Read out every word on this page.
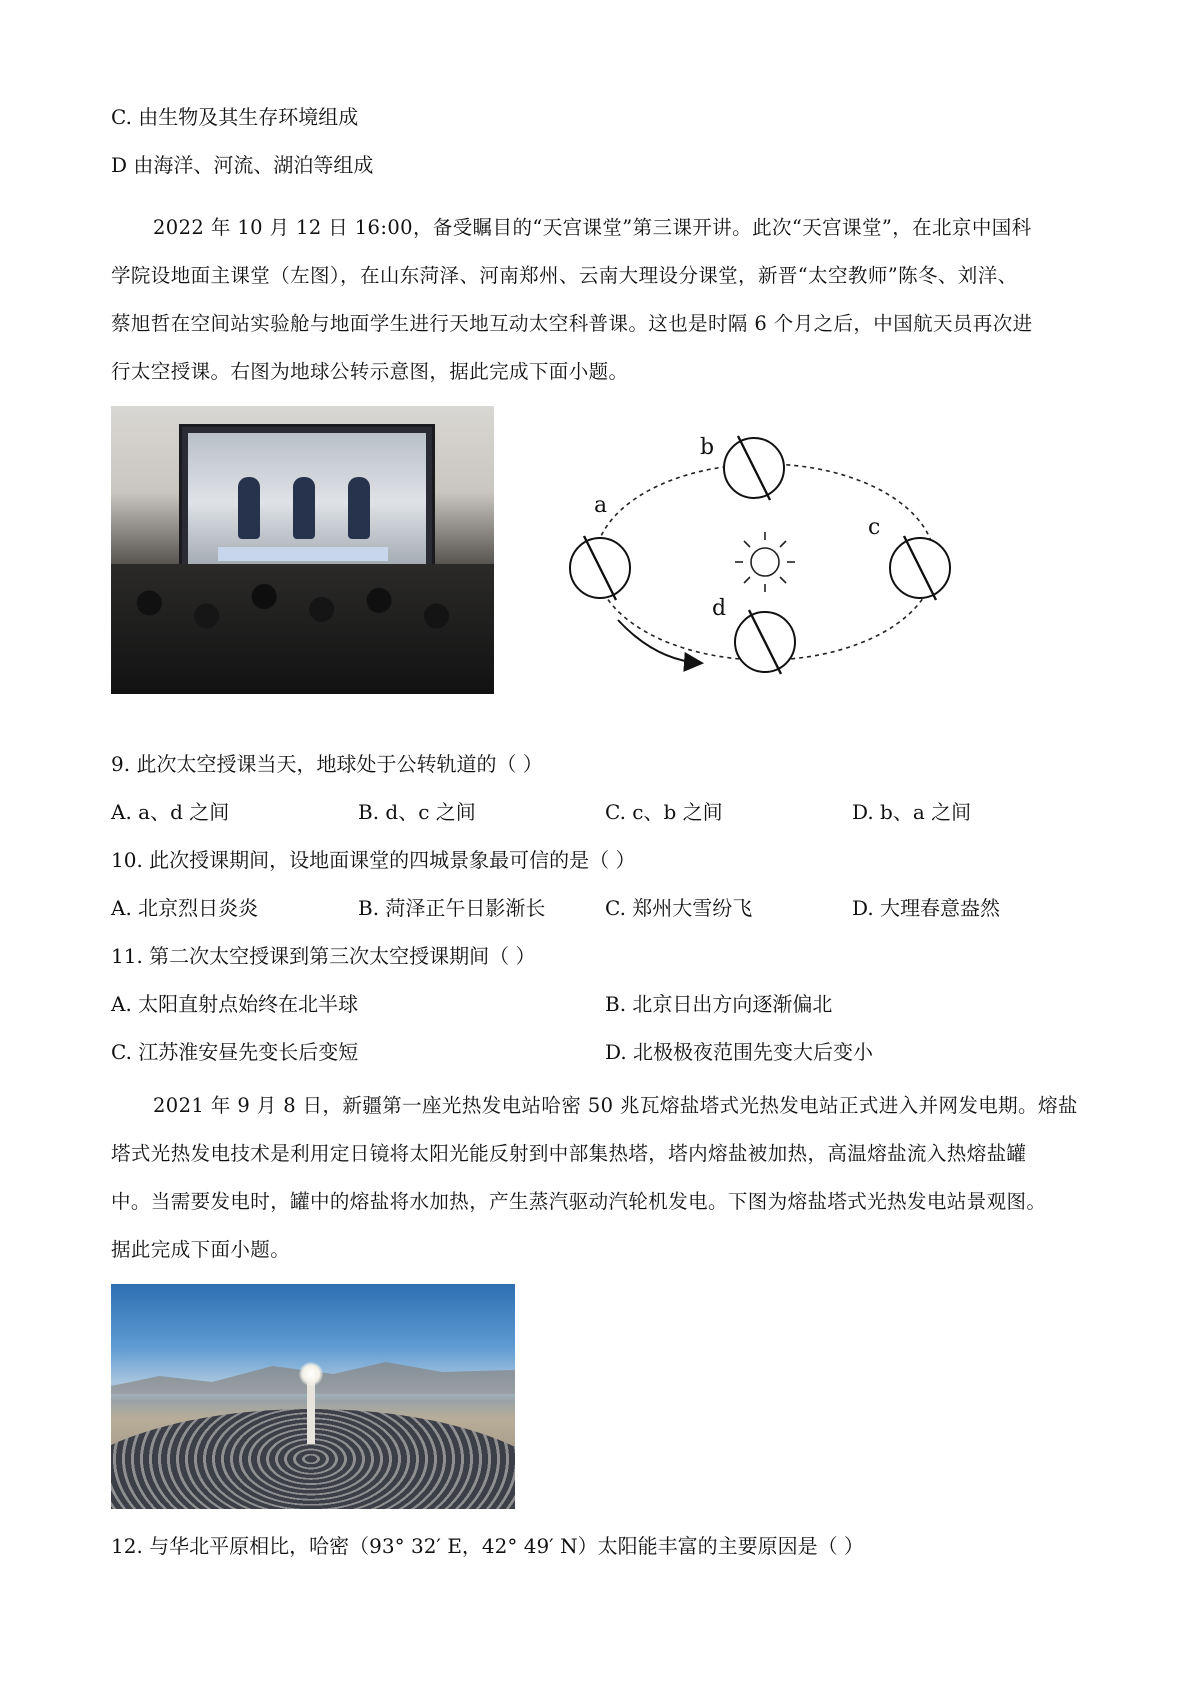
C. 由生物及其生存环境组成
D 由海洋、河流、湖泊等组成
2022 年 10 月 12 日 16:00，备受瞩目的“天宫课堂”第三课开讲。此次“天宫课堂”，在北京中国科
学院设地面主课堂（左图），在山东菏泽、河南郑州、云南大理设分课堂，新晋“太空教师”陈冬、刘洋、
蔡旭哲在空间站实验舱与地面学生进行天地互动太空科普课。这也是时隔 6 个月之后，中国航天员再次进
行太空授课。右图为地球公转示意图，据此完成下面小题。
a
b
c
d
9. 此次太空授课当天，地球处于公转轨道的（ ）
A. a、d 之间	B. d、c 之间	C. c、b 之间	D. b、a 之间
10. 此次授课期间，设地面课堂的四城景象最可信的是（ ）
A. 北京烈日炎炎	B. 菏泽正午日影渐长	C. 郑州大雪纷飞	D. 大理春意盎然
11. 第二次太空授课到第三次太空授课期间（ ）
A. 太阳直射点始终在北半球	B. 北京日出方向逐渐偏北
C. 江苏淮安昼先变长后变短	D. 北极极夜范围先变大后变小
2021 年 9 月 8 日，新疆第一座光热发电站哈密 50 兆瓦熔盐塔式光热发电站正式进入并网发电期。熔盐
塔式光热发电技术是利用定日镜将太阳光能反射到中部集热塔，塔内熔盐被加热，高温熔盐流入热熔盐罐
中。当需要发电时，罐中的熔盐将水加热，产生蒸汽驱动汽轮机发电。下图为熔盐塔式光热发电站景观图。
据此完成下面小题。
12. 与华北平原相比，哈密（93° 32′ E，42° 49′ N）太阳能丰富的主要原因是（ ）
